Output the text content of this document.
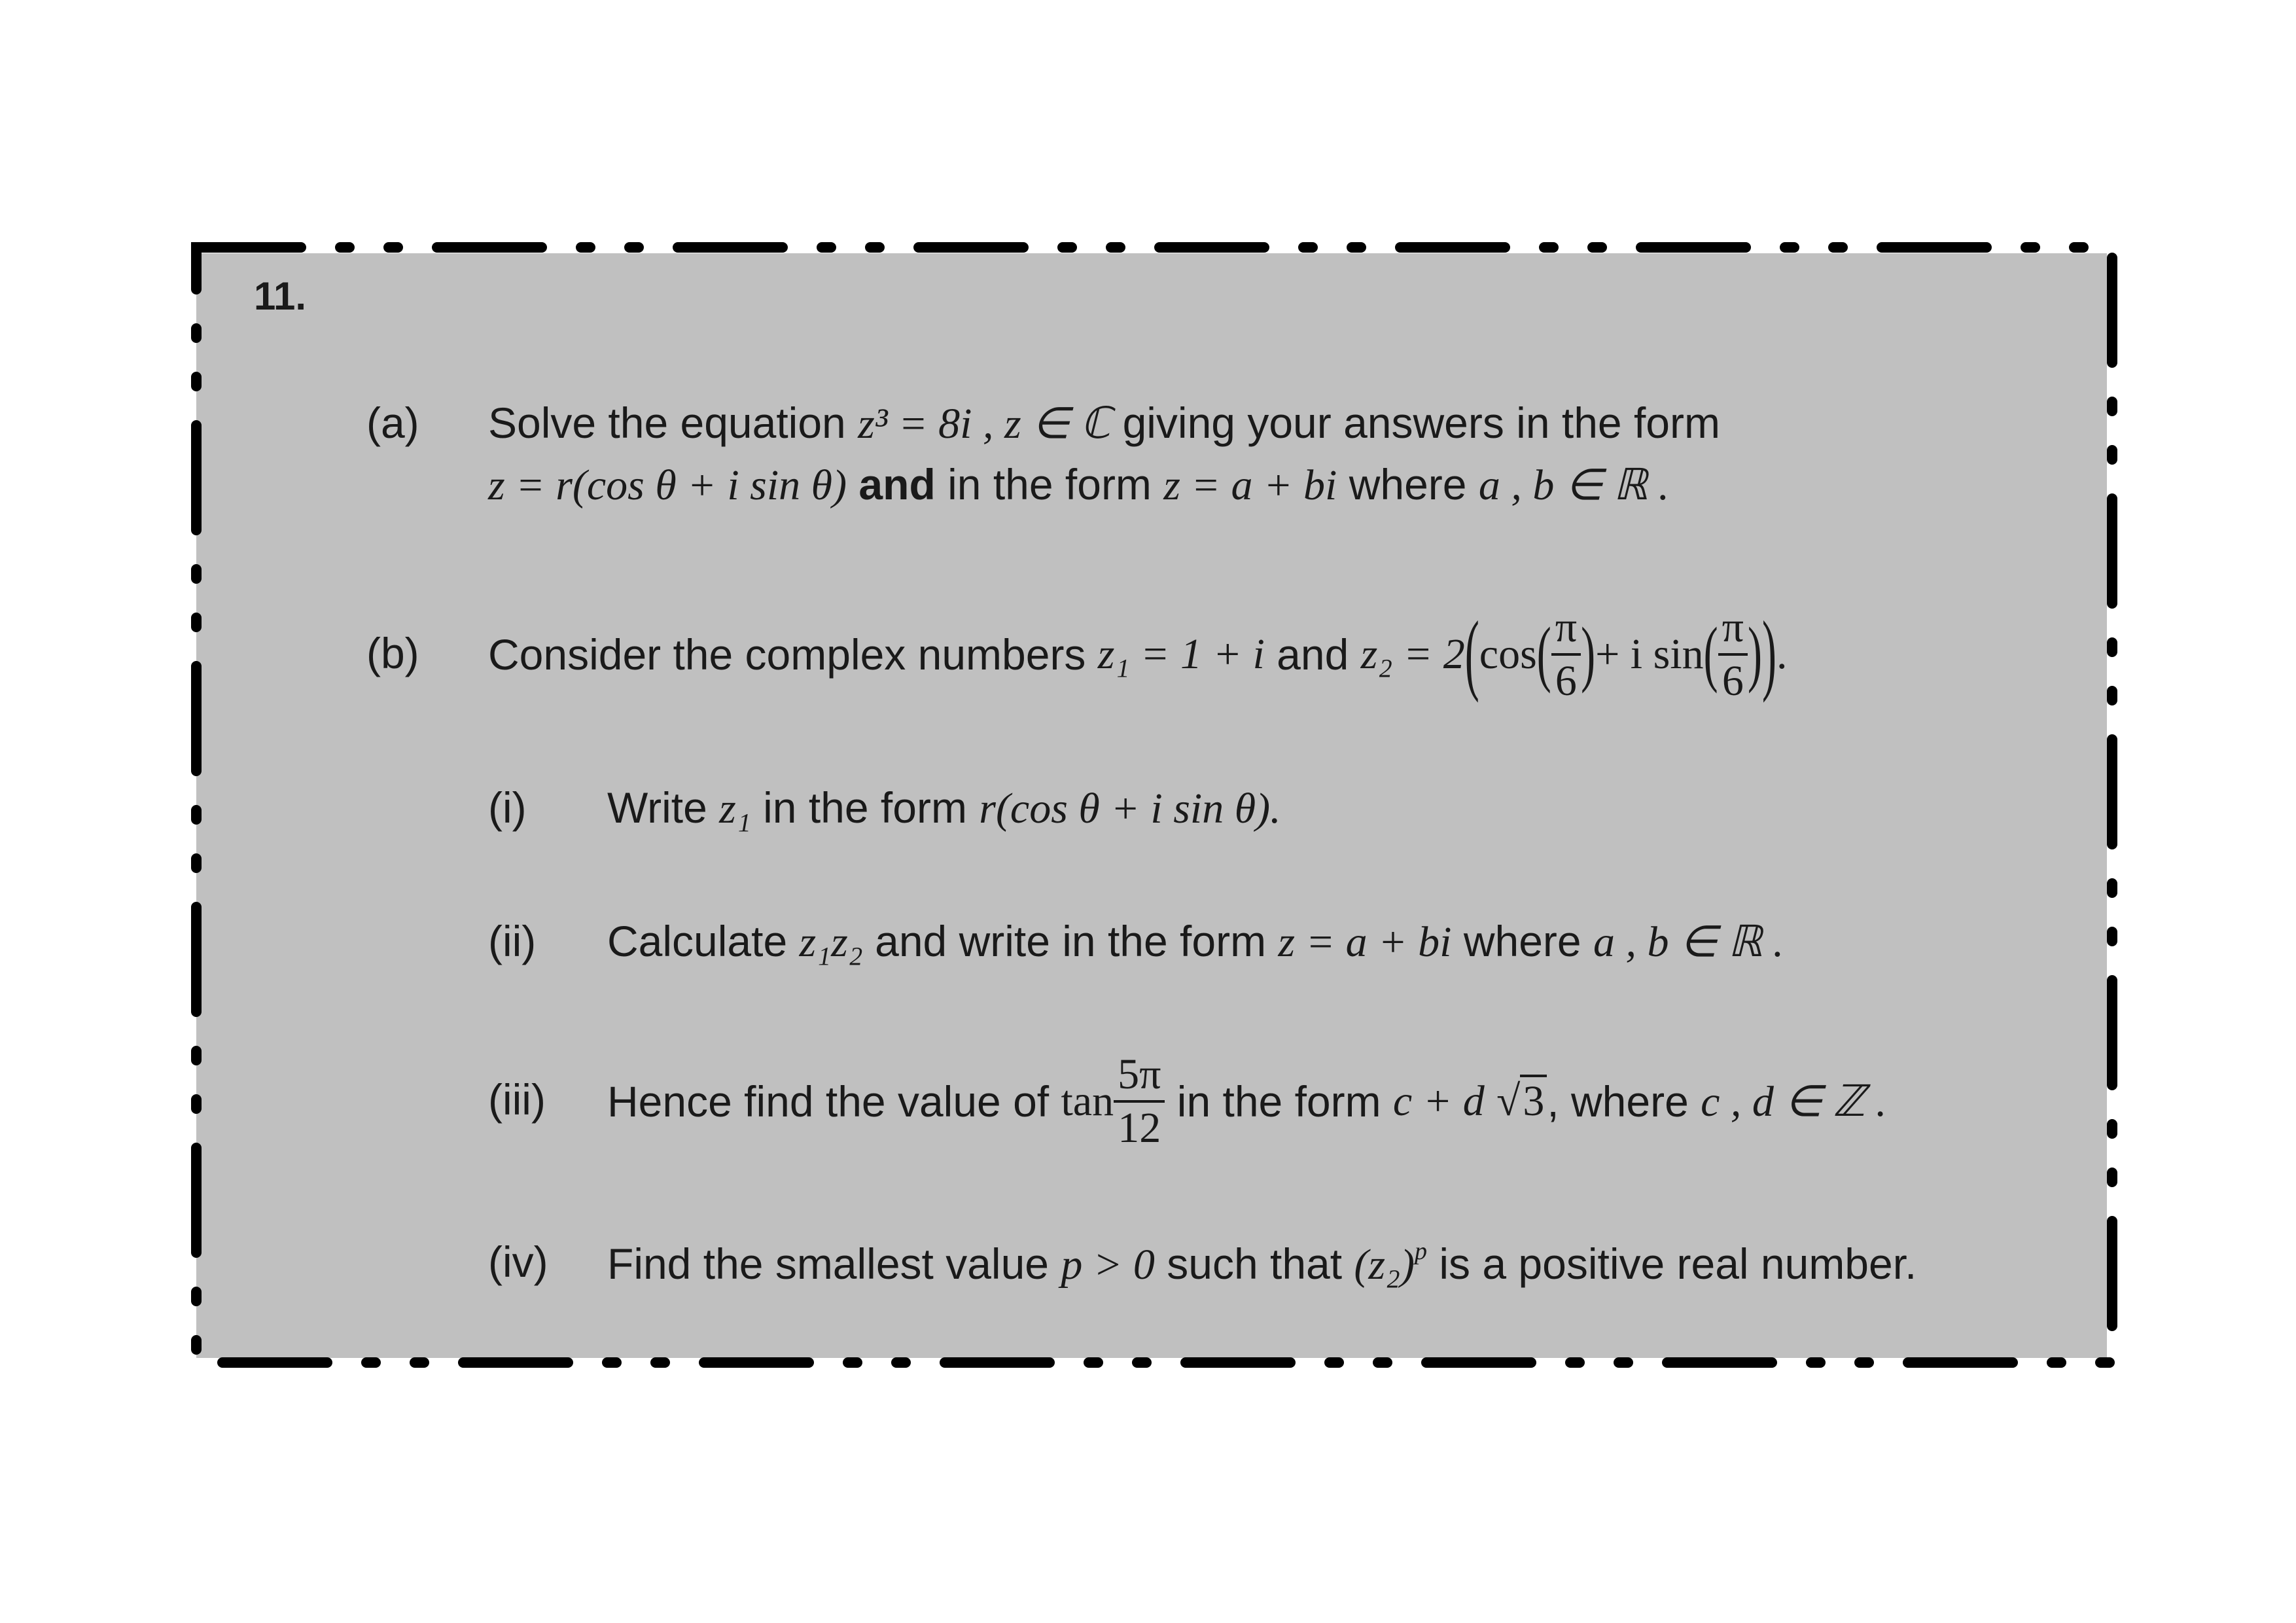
11.
(a) Solve the equation z³ = 8i , z ∈ ℂ giving your answers in the form
z = r(cos θ + i sin θ) and in the form z = a + bi where a , b ∈ ℝ .
(b) Consider the complex numbers
z₁ = 1 + i
and
z₂ = 2 ( cos ( $\frac{\pi}{6}$ ) + i sin ( $\frac{\pi}{6}$ ) ) .
(i) Write z₁ in the form r(cos θ + i sin θ).
(ii) Calculate z₁z₂ and write in the form z = a + bi where a , b ∈ ℝ .
(iii) Hence find the value of
$\tan \frac{5\pi}{12}$
in the form
c + d
√3 , where
c , d ∈ ℤ .
(iv) Find the smallest value p > 0 such that $(z_2)^p$ is a positive real number.
